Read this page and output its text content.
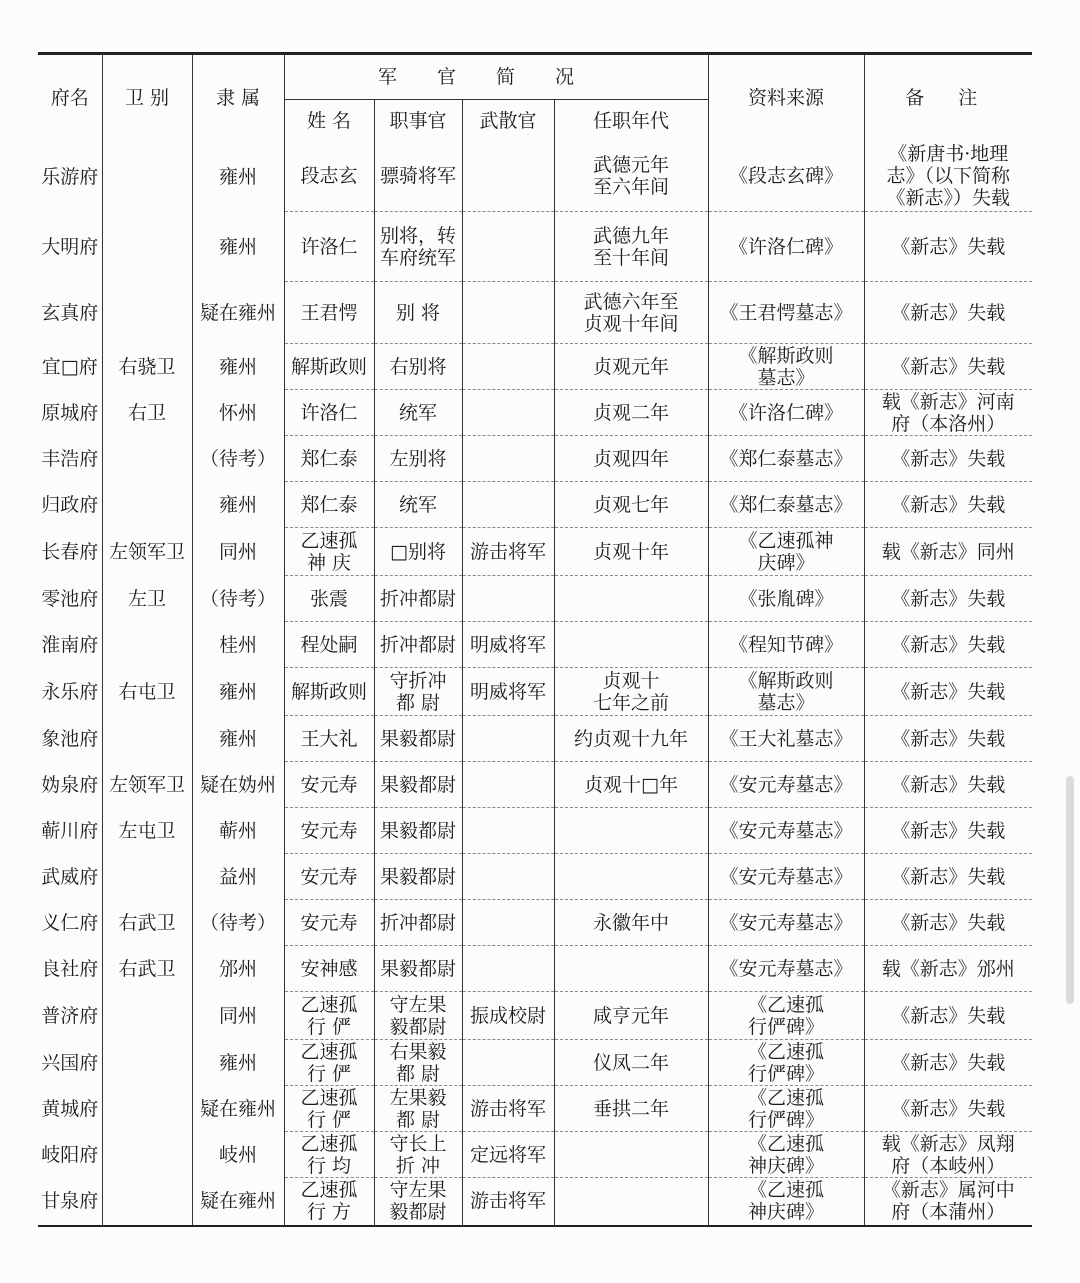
府名	卫 别	隶 属	军官简况				资料来源	备 注
			姓 名	职事官	武散官	任职年代		
乐游府		雍州	段志玄	骠骑将军		武德元年
至六年间	《段志玄碑》	《新唐书·地理
志》（以下简称
《新志》）失载
大明府		雍州	许洛仁	别将，转
车府统军		武德九年
至十年间	《许洛仁碑》	《新志》失载
玄真府		疑在雍州	王君愕	别 将		武德六年至
贞观十年间	《王君愕墓志》	《新志》失载
宜□府	右骁卫	雍州	解斯政则	右别将		贞观元年	《解斯政则
墓志》	《新志》失载
原城府	右卫	怀州	许洛仁	统军		贞观二年	《许洛仁碑》	载《新志》河南
府（本洛州）
丰浩府		（待考）	郑仁泰	左别将		贞观四年	《郑仁泰墓志》	《新志》失载
归政府		雍州	郑仁泰	统军		贞观七年	《郑仁泰墓志》	《新志》失载
长春府	左领军卫	同州	乙速孤
神 庆	□别将	游击将军	贞观十年	《乙速孤神
庆碑》	载《新志》同州
零池府	左卫	（待考）	张震	折冲都尉			《张胤碑》	《新志》失载
淮南府		桂州	程处嗣	折冲都尉	明威将军		《程知节碑》	《新志》失载
永乐府	右屯卫	雍州	解斯政则	守折冲
都 尉	明威将军	贞观十
七年之前	《解斯政则
墓志》	《新志》失载
象池府		雍州	王大礼	果毅都尉		约贞观十九年	《王大礼墓志》	《新志》失载
妫泉府	左领军卫	疑在妫州	安元寿	果毅都尉		贞观十□年	《安元寿墓志》	《新志》失载
蕲川府	左屯卫	蕲州	安元寿	果毅都尉			《安元寿墓志》	《新志》失载
武威府		益州	安元寿	果毅都尉			《安元寿墓志》	《新志》失载
义仁府	右武卫	（待考）	安元寿	折冲都尉		永徽年中	《安元寿墓志》	《新志》失载
良社府	右武卫	邠州	安神感	果毅都尉			《安元寿墓志》	载《新志》邠州
普济府		同州	乙速孤
行 俨	守左果
毅都尉	振成校尉	咸亨元年	《乙速孤
行俨碑》	《新志》失载
兴国府		雍州	乙速孤
行 俨	右果毅
都 尉		仪凤二年	《乙速孤
行俨碑》	《新志》失载
黄城府		疑在雍州	乙速孤
行 俨	左果毅
都 尉	游击将军	垂拱二年	《乙速孤
行俨碑》	《新志》失载
岐阳府		岐州	乙速孤
行 均	守长上
折 冲	定远将军		《乙速孤
神庆碑》	载《新志》凤翔
府（本岐州）
甘泉府		疑在雍州	乙速孤
行 方	守左果
毅都尉	游击将军		《乙速孤
神庆碑》	《新志》属河中
府（本蒲州）
